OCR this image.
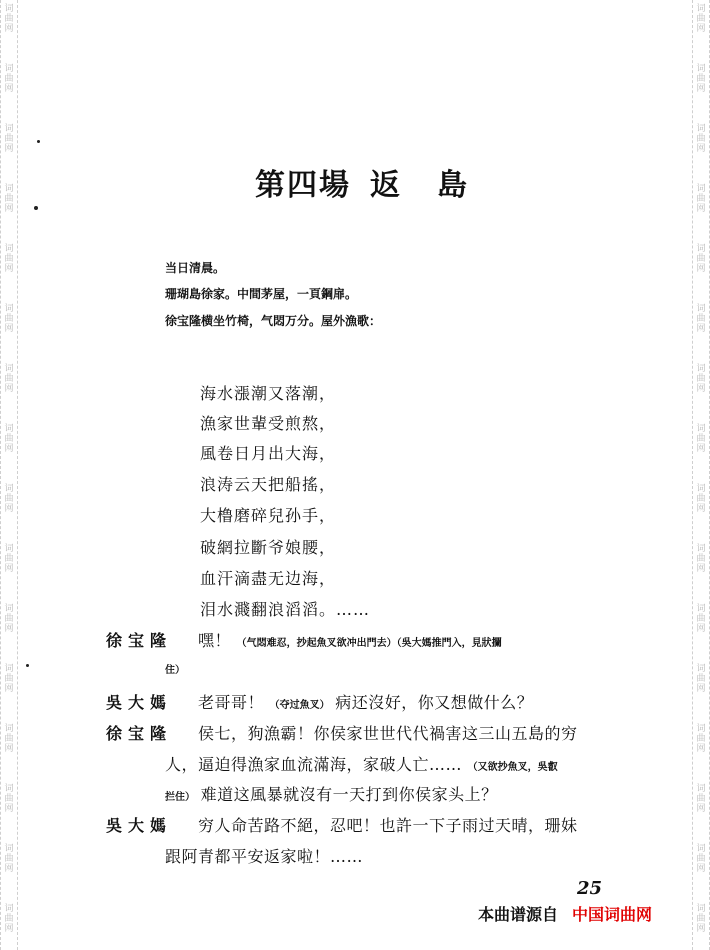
词曲网
词曲网
词曲网
词曲网
词曲网
词曲网
词曲网
词曲网
词曲网
词曲网
词曲网
词曲网
词曲网
词曲网
词曲网
词曲网
词曲网
词曲网
词曲网
词曲网
词曲网
词曲网
词曲网
词曲网
词曲网
词曲网
词曲网
词曲网
词曲网
词曲网
词曲网
词曲网
第四場 返 島
当日清晨。
珊瑚島徐家。中間茅屋，一頁鋼扉。
徐宝隆横坐竹椅，气悶万分。屋外漁歌：
海水漲潮又落潮，
漁家世輩受煎熬，
風卷日月出大海，
浪涛云天把船搖，
大橹磨碎兒孙手，
破網拉斷爷娘腰，
血汗滴盡无边海，
泪水濺翻浪滔滔。……
徐宝隆 嘿！ （气悶难忍，抄起魚叉欲冲出門去）（吳大媽推門入，見狀攔
住）
吳大媽 老哥哥！ （夺过魚叉） 病还沒好，你又想做什么？
徐宝隆 侯七，狗漁霸！你侯家世世代代禍害这三山五島的穷
人，逼迫得漁家血流滿海，家破人亡…… （又欲抄魚叉，吳叡
拦住） 难道这風暴就沒有一天打到你侯家头上？
吳大媽 穷人命苦路不絕，忍吧！也許一下子雨过天晴，珊妹
跟阿青都平安返家啦！……
25
本曲谱源自 中国词曲网
